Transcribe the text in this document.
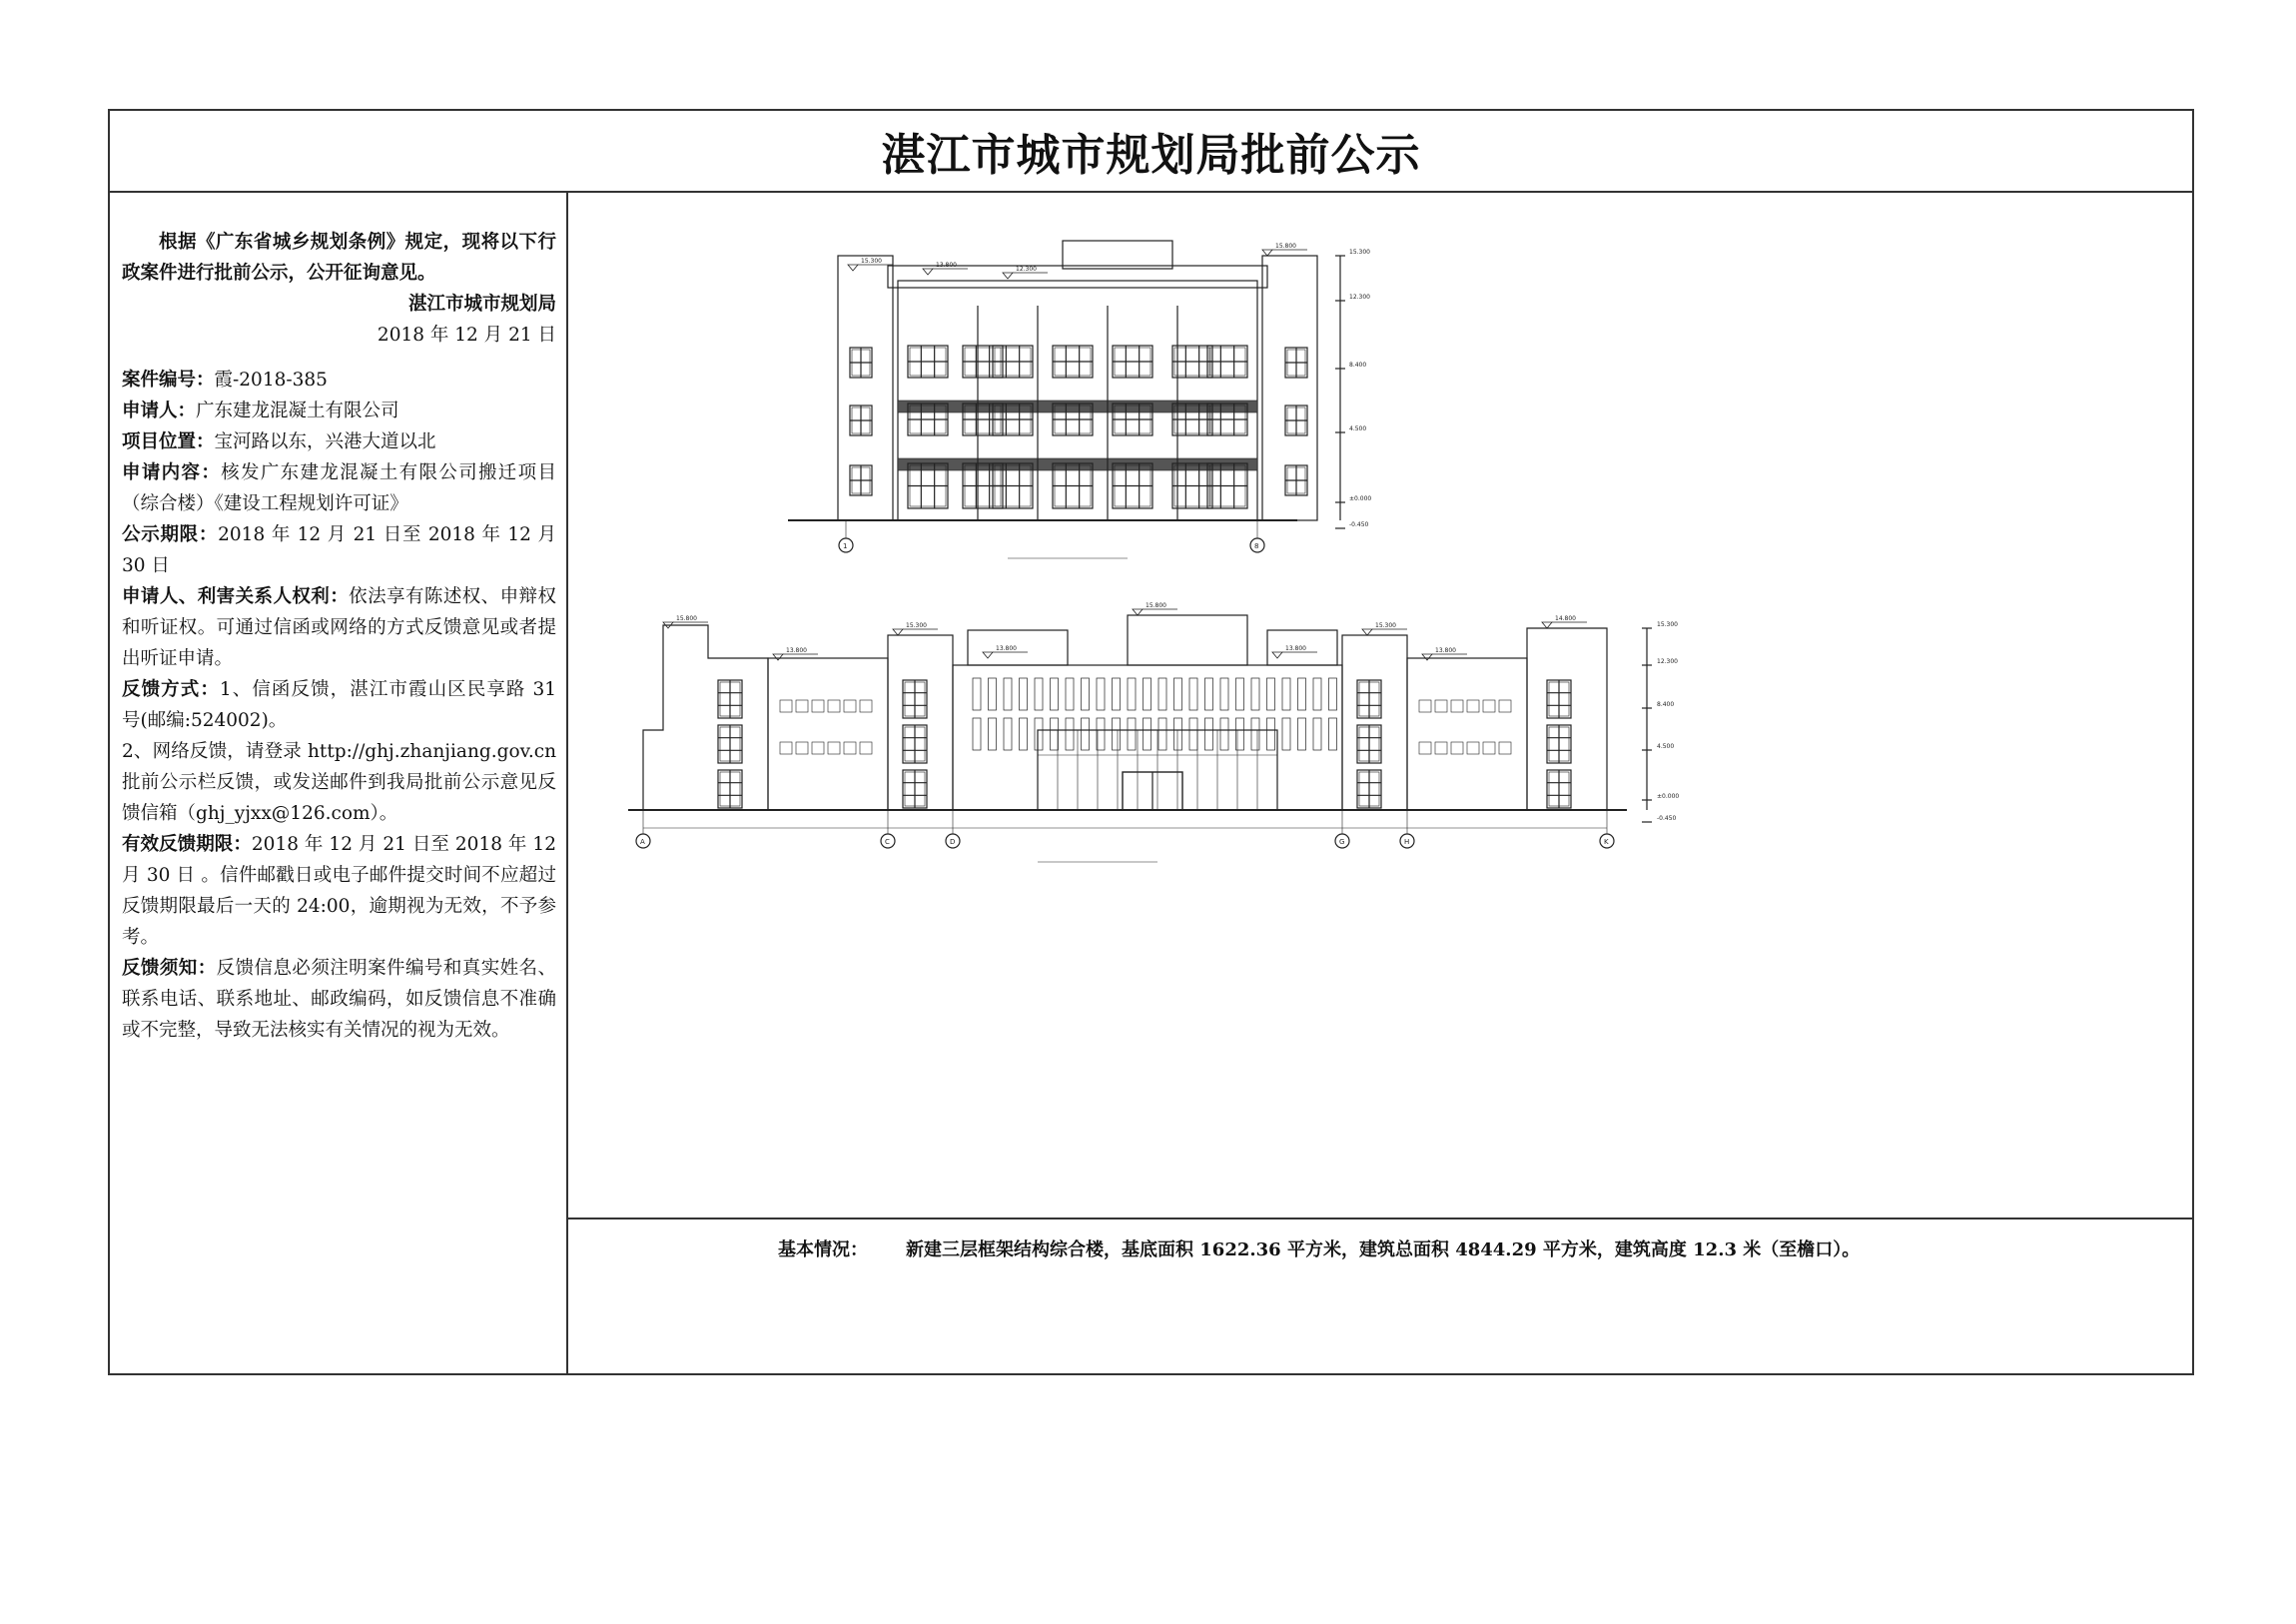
湛江市城市规划局批前公示

根据《广东省城乡规划条例》规定，现将以下行政案件进行批前公示，公开征询意见。

湛江市城市规划局

2018 年 12 月 21 日

案件编号：霞-2018-385

申请人：广东建龙混凝土有限公司

项目位置：宝河路以东，兴港大道以北

申请内容：核发广东建龙混凝土有限公司搬迁项目（综合楼）《建设工程规划许可证》

公示期限：2018 年 12 月 21 日至 2018 年 12 月 30 日

申请人、利害关系人权利：依法享有陈述权、申辩权和听证权。可通过信函或网络的方式反馈意见或者提出听证申请。

反馈方式：1、信函反馈，湛江市霞山区民享路 31 号(邮编:524002)。

2、网络反馈，请登录 http://ghj.zhanjiang.gov.cn 批前公示栏反馈，或发送邮件到我局批前公示意见反馈信箱（ghj_yjxx@126.com）。

有效反馈期限：2018 年 12 月 21 日至 2018 年 12 月 30 日 。信件邮戳日或电子邮件提交时间不应超过反馈期限最后一天的 24:00，逾期视为无效，不予参考。

反馈须知：反馈信息必须注明案件编号和真实姓名、联系电话、联系地址、邮政编码，如反馈信息不准确或不完整，导致无法核实有关情况的视为无效。

15.300
13.800
12.300
15.800
15.300
12.300
8.400
4.500
±0.000
-0.450
1	8
15.800
13.800
15.300
13.800
15.800
13.800
15.300
13.800
14.800
15.300
12.300
8.400
4.500
±0.000
-0.450
A	C	D	G	H	K
基本情况： 新建三层框架结构综合楼，基底面积 1622.36 平方米，建筑总面积 4844.29 平方米，建筑高度 12.3 米（至檐口）。
